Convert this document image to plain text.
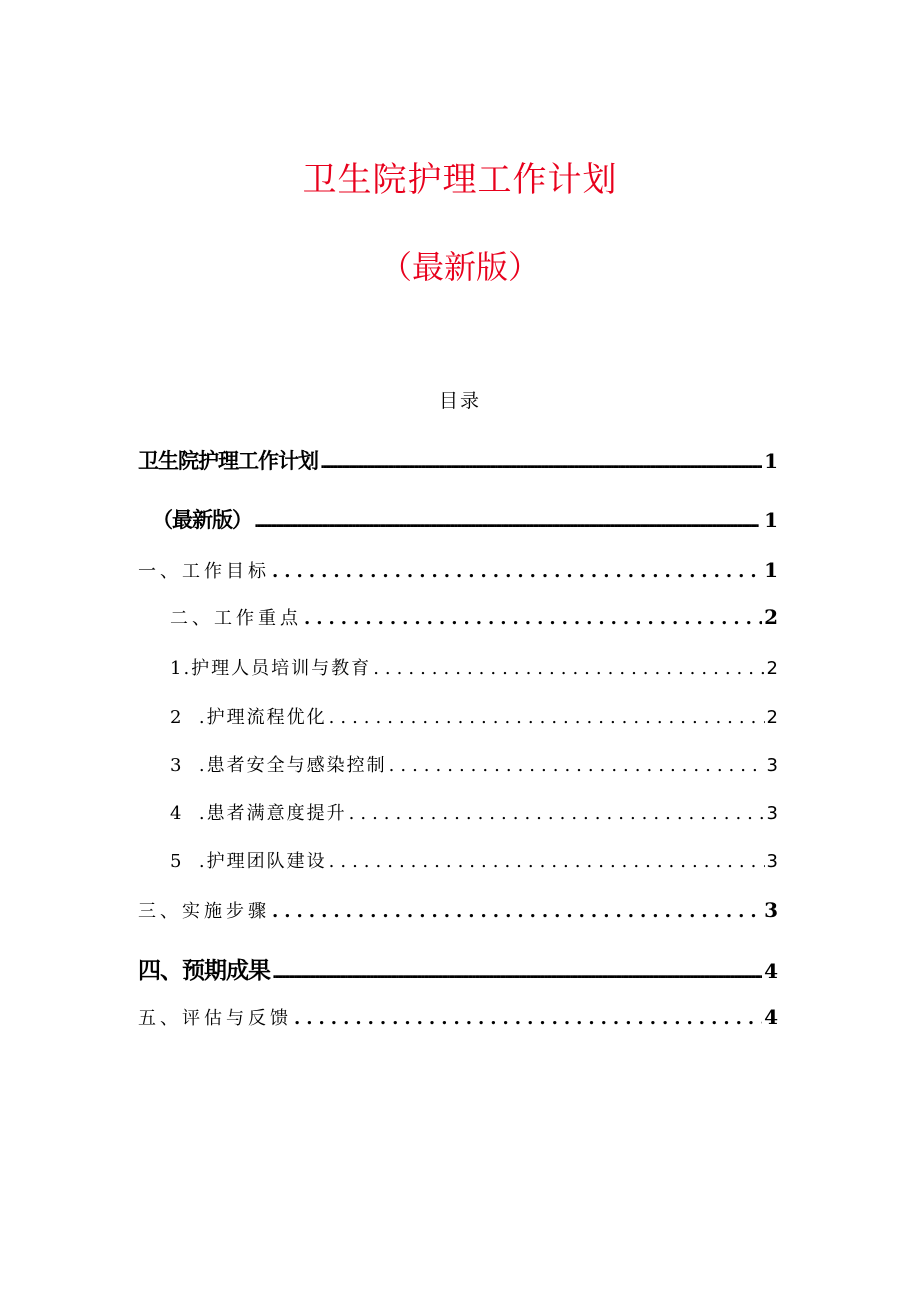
卫生院护理工作计划
（最新版）
目录
卫生院护理工作计划 .....	1
（最新版） .....	1
一、工作目标 .....	1
二、工作重点 .....	2
1.护理人员培训与教育 .....	2
2  .护理流程优化 .....	2
3  .患者安全与感染控制 .....	3
4  .患者满意度提升 .....	3
5  .护理团队建设 .....	3
三、实施步骤 .....	3
四、预期成果 .....	4
五、评估与反馈 .....	4
